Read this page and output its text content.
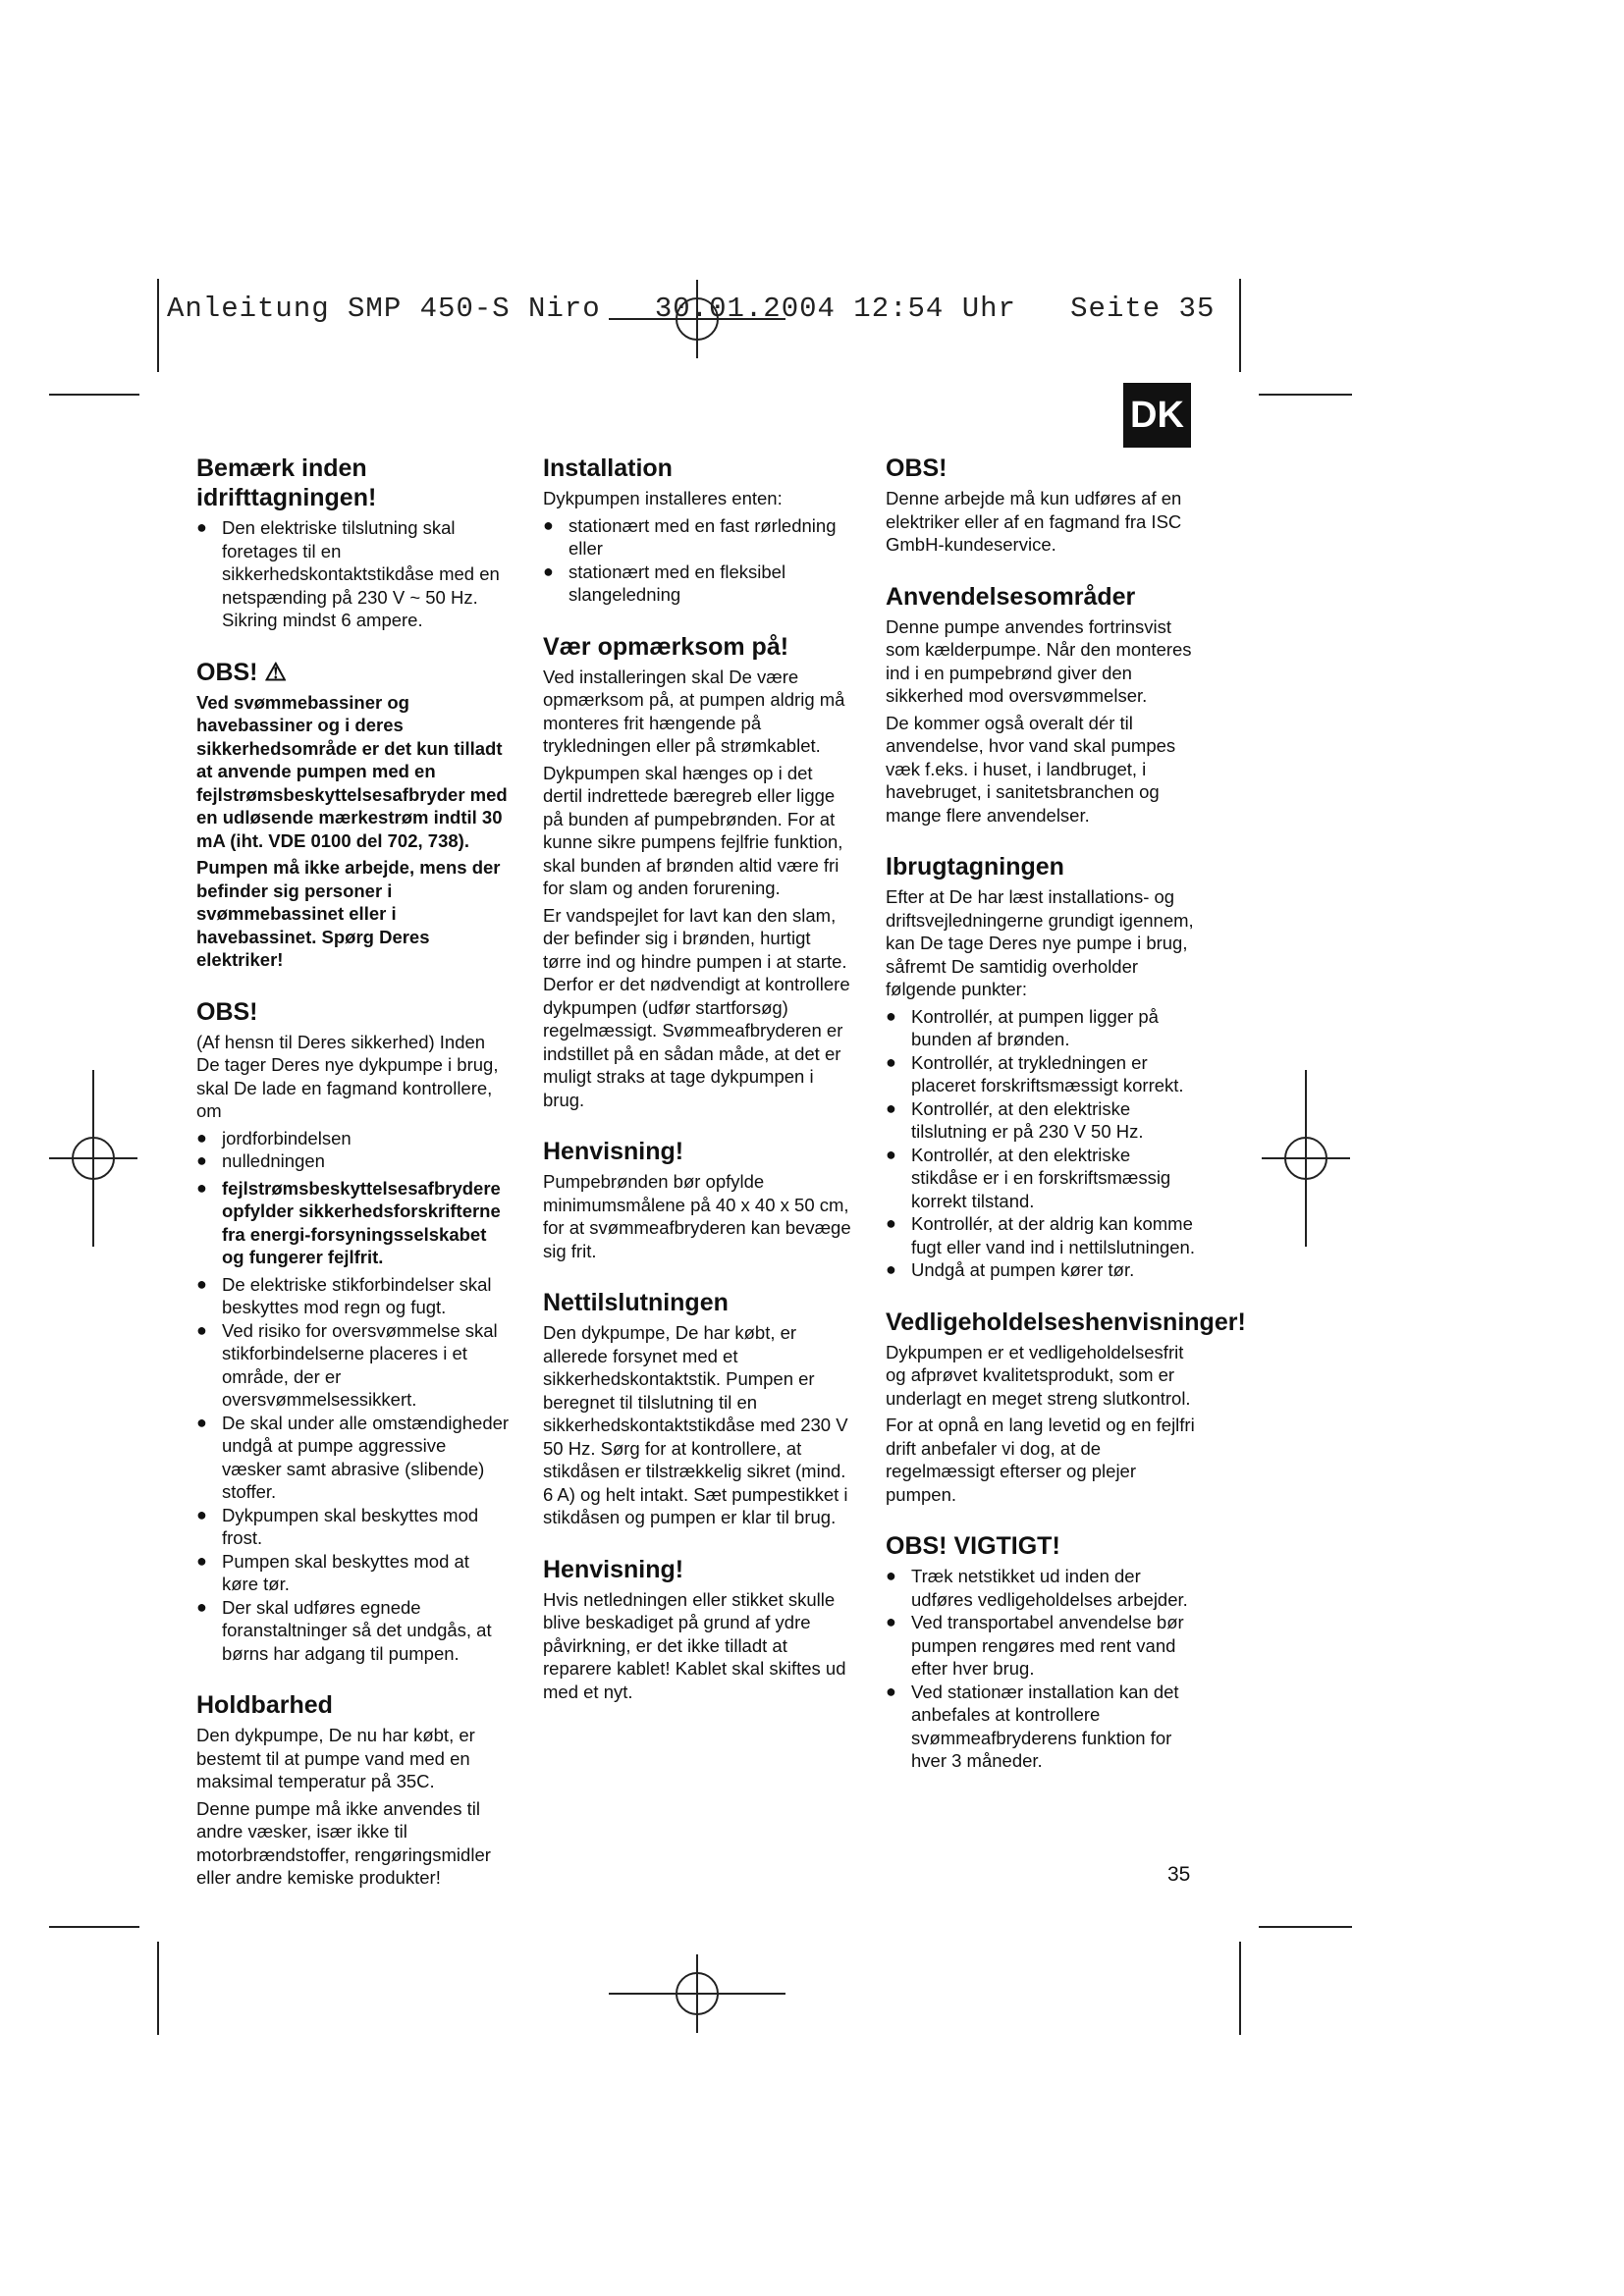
Anleitung SMP 450-S Niro   30.01.2004 12:54 Uhr   Seite 35
DK
Bemærk inden idrifttagningen!
● Den elektriske tilslutning skal foretages til en sikkerhedskontaktstikdåse med en netspænding på 230 V ~ 50 Hz. Sikring mindst 6 ampere.
OBS! ⚠

Ved svømmebassiner og havebassiner og i deres sikkerhedsområde er det kun tilladt at anvende pumpen med en fejlstrømsbeskyttelsesafbryder med en udløsende mærkestrøm indtil 30 mA (iht. VDE 0100 del 702, 738).

Pumpen må ikke arbejde, mens der befinder sig personer i svømmebassinet eller i havebassinet. Spørg Deres elektriker!

OBS!

(Af hensn til Deres sikkerhed) Inden De tager Deres nye dykpumpe i brug, skal De lade en fagmand kontrollere, om

● jordforbindelsen
● nulledningen
● fejlstrømsbeskyttelsesafbrydere opfylder sikkerhedsforskrifterne fra energi-forsyningsselskabet og fungerer fejlfrit.
● De elektriske stikforbindelser skal beskyttes mod regn og fugt.
● Ved risiko for oversvømmelse skal stikforbindelserne placeres i et område, der er oversvømmelsessikkert.
● De skal under alle omstændigheder undgå at pumpe aggressive væsker samt abrasive (slibende) stoffer.
● Dykpumpen skal beskyttes mod frost.
● Pumpen skal beskyttes mod at køre tør.
● Der skal udføres egnede foranstaltninger så det undgås, at børns har adgang til pumpen.
Holdbarhed

Den dykpumpe, De nu har købt, er bestemt til at pumpe vand med en maksimal temperatur på 35C.

Denne pumpe må ikke anvendes til andre væsker, især ikke til motorbrændstoffer, rengøringsmidler eller andre kemiske produkter!

Installation

Dykpumpen installeres enten:

● stationært med en fast rørledning eller
● stationært med en fleksibel slangeledning
Vær opmærksom på!

Ved installeringen skal De være opmærksom på, at pumpen aldrig må monteres frit hængende på trykledningen eller på strømkablet.

Dykpumpen skal hænges op i det dertil indrettede bæregreb eller ligge på bunden af pumpebrønden. For at kunne sikre pumpens fejlfrie funktion, skal bunden af brønden altid være fri for slam og anden forurening.

Er vandspejlet for lavt kan den slam, der befinder sig i brønden, hurtigt tørre ind og hindre pumpen i at starte. Derfor er det nødvendigt at kontrollere dykpumpen (udfør startforsøg) regelmæssigt. Svømmeafbryderen er indstillet på en sådan måde, at det er muligt straks at tage dykpumpen i brug.

Henvisning!

Pumpebrønden bør opfylde minimumsmålene på 40 x 40 x 50 cm, for at svømmeafbryderen kan bevæge sig frit.

Nettilslutningen

Den dykpumpe, De har købt, er allerede forsynet med et sikkerhedskontaktstik. Pumpen er beregnet til tilslutning til en sikkerhedskontaktstikdåse med 230 V 50 Hz. Sørg for at kontrollere, at stikdåsen er tilstrækkelig sikret (mind. 6 A) og helt intakt. Sæt pumpestikket i stikdåsen og pumpen er klar til brug.

Henvisning!

Hvis netledningen eller stikket skulle blive beskadiget på grund af ydre påvirkning, er det ikke tilladt at reparere kablet! Kablet skal skiftes ud med et nyt.

OBS!

Denne arbejde må kun udføres af en elektriker eller af en fagmand fra ISC GmbH-kundeservice.

Anvendelsesområder

Denne pumpe anvendes fortrinsvist som kælderpumpe. Når den monteres ind i en pumpebrønd giver den sikkerhed mod oversvømmelser.

De kommer også overalt dér til anvendelse, hvor vand skal pumpes væk f.eks. i huset, i landbruget, i havebruget, i sanitetsbranchen og mange flere anvendelser.

Ibrugtagningen

Efter at De har læst installations- og driftsvejledningerne grundigt igennem, kan De tage Deres nye pumpe i brug, såfremt De samtidig overholder følgende punkter:

● Kontrollér, at pumpen ligger på bunden af brønden.
● Kontrollér, at trykledningen er placeret forskriftsmæssigt korrekt.
● Kontrollér, at den elektriske tilslutning er på 230 V 50 Hz.
● Kontrollér, at den elektriske stikdåse er i en forskriftsmæssig korrekt tilstand.
● Kontrollér, at der aldrig kan komme fugt eller vand ind i nettilslutningen.
● Undgå at pumpen kører tør.
Vedligeholdelseshenvisninger!

Dykpumpen er et vedligeholdelsesfrit og afprøvet kvalitetsprodukt, som er underlagt en meget streng slutkontrol.

For at opnå en lang levetid og en fejlfri drift anbefaler vi dog, at de regelmæssigt efterser og plejer pumpen.

OBS! VIGTIGT!
● Træk netstikket ud inden der udføres vedligeholdelses arbejder.
● Ved transportabel anvendelse bør pumpen rengøres med rent vand efter hver brug.
● Ved stationær installation kan det anbefales at kontrollere svømmeafbryderens funktion for hver 3 måneder.
35
